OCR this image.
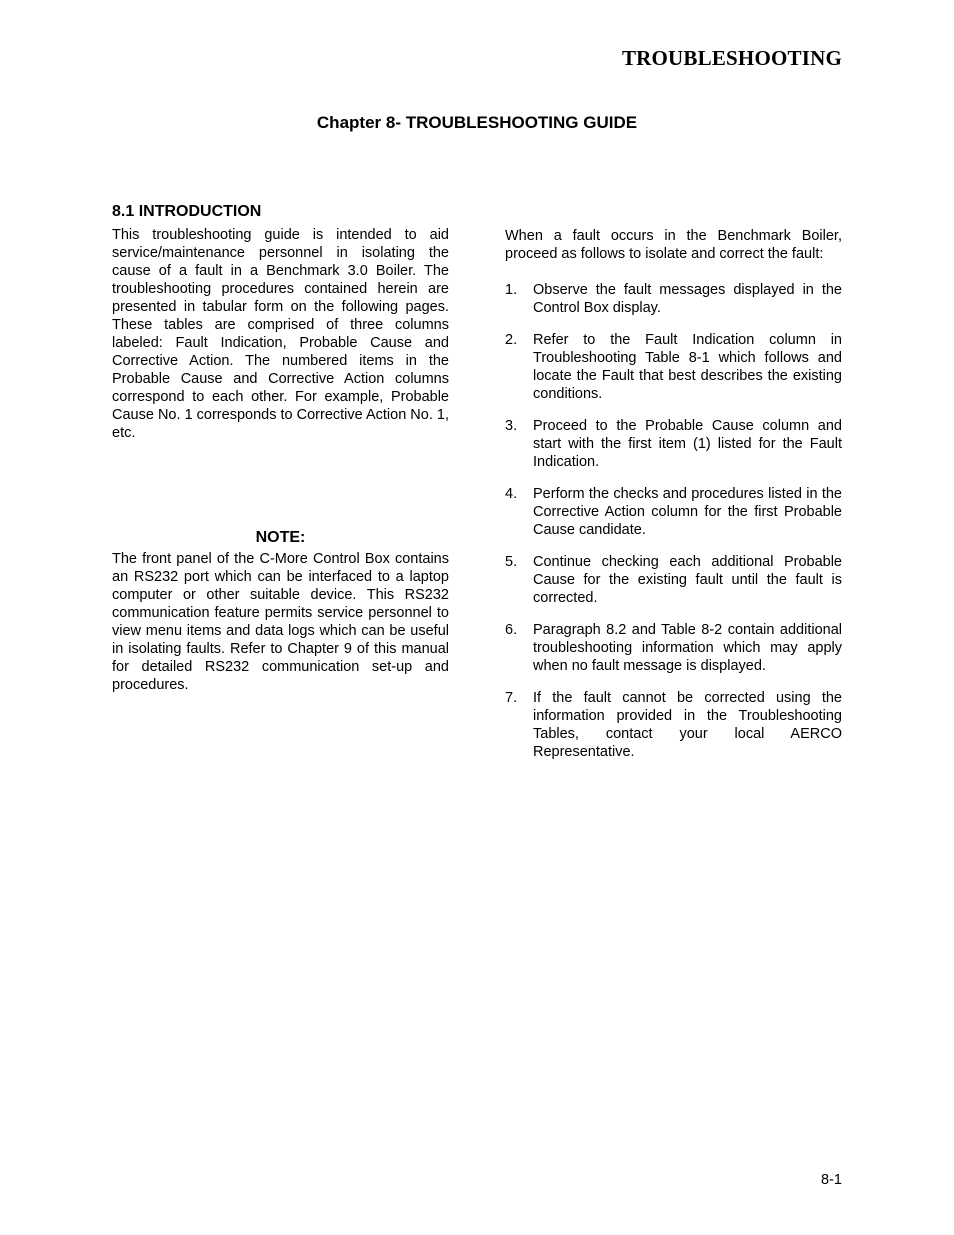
TROUBLESHOOTING
Chapter 8- TROUBLESHOOTING GUIDE
8.1 INTRODUCTION

This troubleshooting guide is intended to aid service/maintenance personnel in isolating the cause of a fault in a Benchmark 3.0 Boiler. The troubleshooting procedures contained herein are presented in tabular form on the following pages. These tables are comprised of three columns labeled: Fault Indication, Probable Cause and Corrective Action. The numbered items in the Probable Cause and Corrective Action columns correspond to each other. For example, Probable Cause No. 1 corresponds to Corrective Action No. 1, etc.

NOTE:

The front panel of the C-More Control Box contains an RS232 port which can be interfaced to a laptop computer or other suitable device. This RS232 communication feature permits service personnel to view menu items and data logs which can be useful in isolating faults. Refer to Chapter 9 of this manual for detailed RS232 communication set-up and procedures.

When a fault occurs in the Benchmark Boiler, proceed as follows to isolate and correct the fault:

1. Observe the fault messages displayed in the Control Box display.
2. Refer to the Fault Indication column in Troubleshooting Table 8-1 which follows and locate the Fault that best describes the existing conditions.
3. Proceed to the Probable Cause column and start with the first item (1) listed for the Fault Indication.
4. Perform the checks and procedures listed in the Corrective Action column for the first Probable Cause candidate.
5. Continue checking each additional Probable Cause for the existing fault until the fault is corrected.
6. Paragraph 8.2 and Table 8-2 contain additional troubleshooting information which may apply when no fault message is displayed.
7. If the fault cannot be corrected using the information provided in the Troubleshooting Tables, contact your local AERCO Representative.
8-1
